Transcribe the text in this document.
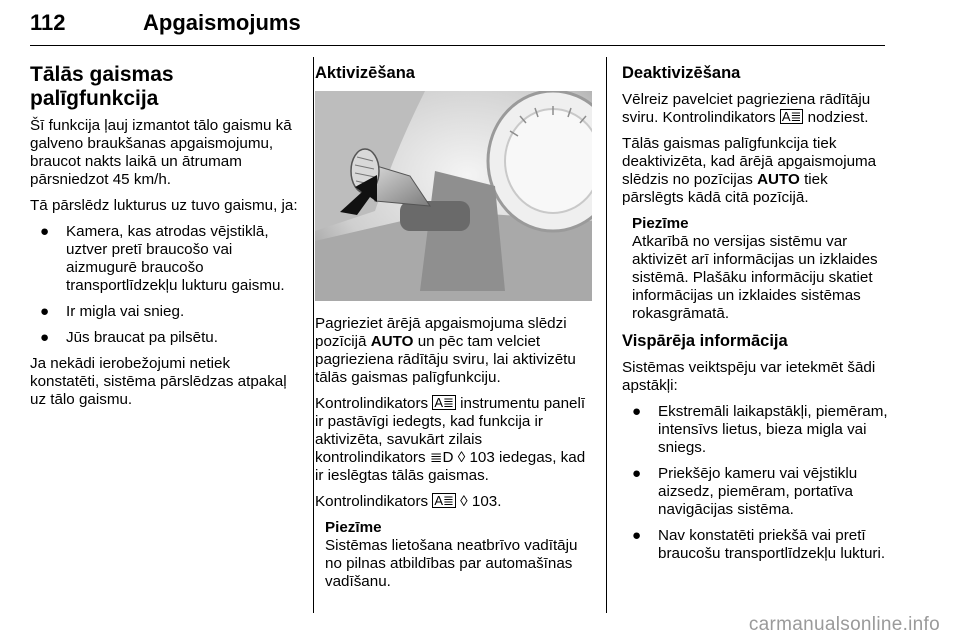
112	Apgaismojums
Tālās gaismas palīgfunkcija

Šī funkcija ļauj izmantot tālo gaismu kā galveno braukšanas apgaismojumu, braucot nakts laikā un ātrumam pārsniedzot 45 km/h.

Tā pārslēdz lukturus uz tuvo gaismu, ja:

● Kamera, kas atrodas vējstiklā, uztver pretī braucošo vai aizmugurē braucošo transportlīdzekļu lukturu gaismu.
● Ir migla vai snieg.
● Jūs braucat pa pilsētu.

Ja nekādi ierobežojumi netiek konstatēti, sistēma pārslēdzas atpakaļ uz tālo gaismu.

Aktivizēšana

Pagrieziet ārējā apgaismojuma slēdzi pozīcijā AUTO un pēc tam velciet pagrieziena rādītāju sviru, lai aktivizētu tālās gaismas palīgfunkciju.

Kontrolindikators A≣ instrumentu panelī ir pastāvīgi iedegts, kad funkcija ir aktivizēta, savukārt zilais kontrolindikators ≣D ◊ 103 iedegas, kad ir ieslēgtas tālās gaismas.

Kontrolindikators A≣ ◊ 103.

Piezīme
Sistēmas lietošana neatbrīvo vadītāju no pilnas atbildības par automašīnas vadīšanu.
Deaktivizēšana

Vēlreiz pavelciet pagrieziena rādītāju sviru. Kontrolindikators A≣ nodziest.

Tālās gaismas palīgfunkcija tiek deaktivizēta, kad ārējā apgaismojuma slēdzis no pozīcijas AUTO tiek pārslēgts kādā citā pozīcijā.

Piezīme
Atkarībā no versijas sistēmu var aktivizēt arī informācijas un izklaides sistēmā. Plašāku informāciju skatiet informācijas un izklaides sistēmas rokasgrāmatā.
Vispārēja informācija

Sistēmas veiktspēju var ietekmēt šādi apstākļi:

● Ekstremāli laikapstākļi, piemēram, intensīvs lietus, bieza migla vai sniegs.
● Priekšējo kameru vai vējstiklu aizsedz, piemēram, portatīva navigācijas sistēma.
● Nav konstatēti priekšā vai pretī braucošu transportlīdzekļu lukturi.
carmanualsonline.info
